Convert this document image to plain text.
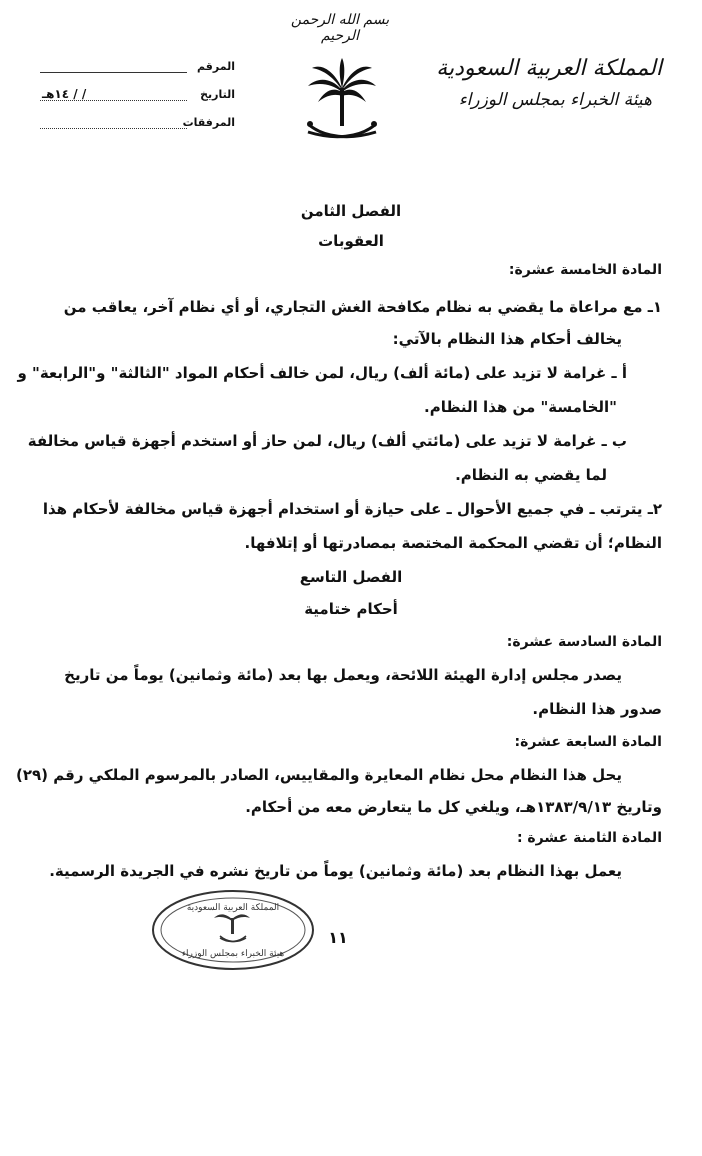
بسم الله الرحمن الرحيم
المملكة العربية السعودية
هيئة الخبراء بمجلس الوزراء
المرقم
التاريخ
/ / ١٤هـ
المرفقات
الفصل الثامن
العقوبات
المادة الخامسة عشرة:
١ـ مع مراعاة ما يقضي به نظام مكافحة الغش التجاري، أو أي نظام آخر، يعاقب من
يخالف أحكام هذا النظام بالآتي:
أ ـ غرامة لا تزيد على (مائة ألف) ريال، لمن خالف أحكام المواد "الثالثة" و"الرابعة" و
"الخامسة" من هذا النظام.
ب ـ غرامة لا تزيد على (مائتي ألف) ريال، لمن حاز أو استخدم أجهزة قياس مخالفة
لما يقضي به النظام.
٢ـ يترتب ـ في جميع الأحوال ـ على حيازة أو استخدام أجهزة قياس مخالفة لأحكام هذا
النظام؛ أن تقضي المحكمة المختصة بمصادرتها أو إتلافها.
الفصل التاسع
أحكام ختامية
المادة السادسة عشرة:
يصدر مجلس إدارة الهيئة اللائحة، ويعمل بها بعد (مائة وثمانين) يوماً من تاريخ
صدور هذا النظام.
المادة السابعة عشرة:
يحل هذا النظام محل نظام المعايرة والمقاييس، الصادر بالمرسوم الملكي رقم (٢٩)
وتاريخ ١٣٨٣/٩/١٣هـ، ويلغي كل ما يتعارض معه من أحكام.
المادة الثامنة عشرة :
يعمل بهذا النظام بعد (مائة وثمانين) يوماً من تاريخ نشره في الجريدة الرسمية.
المملكة العربية السعودية
هيئة الخبراء بمجلس الوزراء
١١
